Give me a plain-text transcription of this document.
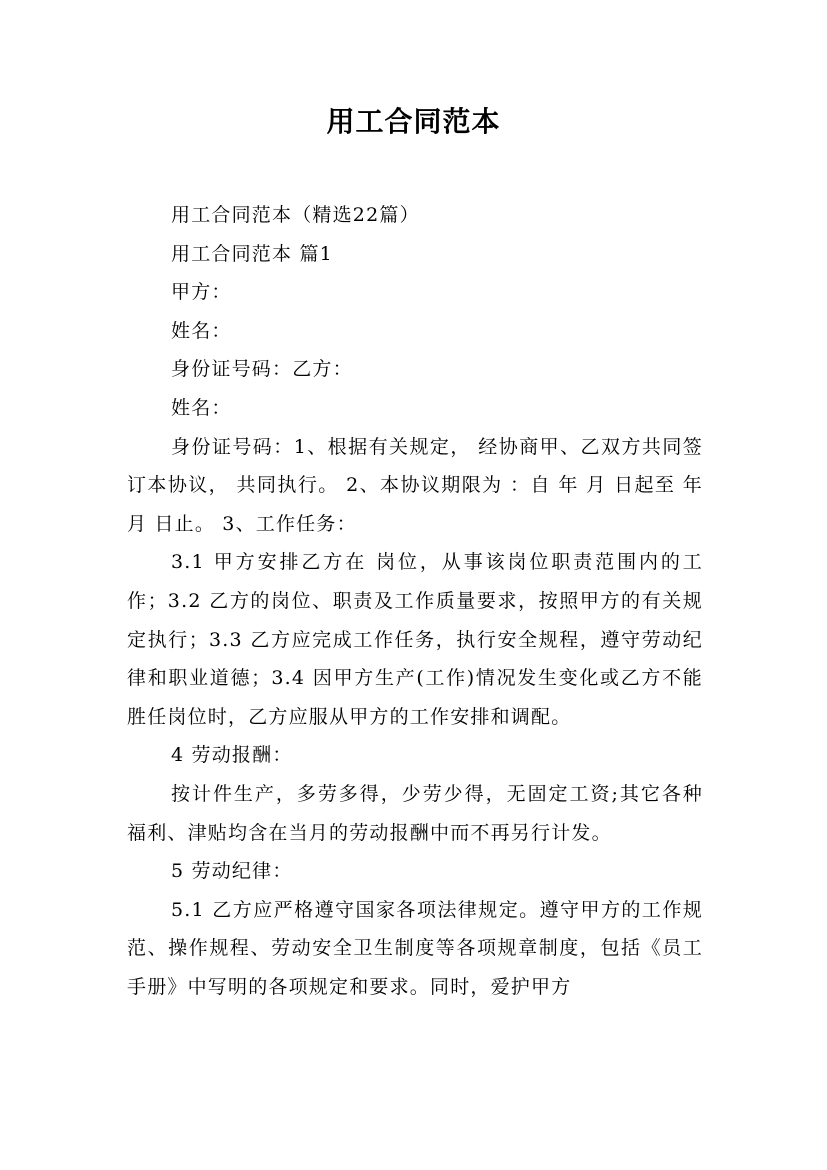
用工合同范本

用工合同范本（精选22篇）

用工合同范本 篇1

甲方：

姓名：

身份证号码：乙方：

姓名：

身份证号码：1、根据有关规定， 经协商甲、乙双方共同签订本协议， 共同执行。 2、本协议期限为 ：自 年 月 日起至 年 月 日止。 3、工作任务：

3.1 甲方安排乙方在 岗位，从事该岗位职责范围内的工作；3.2 乙方的岗位、职责及工作质量要求，按照甲方的有关规定执行；3.3 乙方应完成工作任务，执行安全规程，遵守劳动纪律和职业道德；3.4 因甲方生产(工作)情况发生变化或乙方不能胜任岗位时，乙方应服从甲方的工作安排和调配。

4 劳动报酬：

按计件生产，多劳多得，少劳少得，无固定工资;其它各种福利、津贴均含在当月的劳动报酬中而不再另行计发。

5 劳动纪律：

5.1 乙方应严格遵守国家各项法律规定。遵守甲方的工作规范、操作规程、劳动安全卫生制度等各项规章制度，包括《员工手册》中写明的各项规定和要求。同时，爱护甲方
